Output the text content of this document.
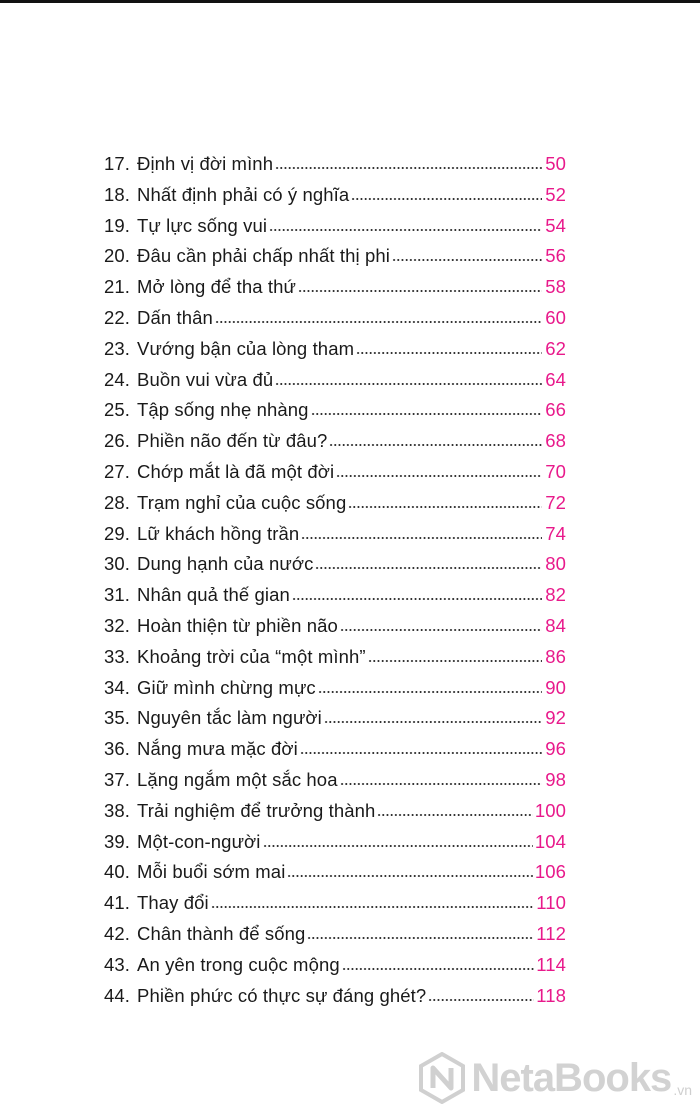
17. Định vị đời mình	50
18. Nhất định phải có ý nghĩa	52
19. Tự lực sống vui	54
20. Đâu cần phải chấp nhất thị phi	56
21. Mở lòng để tha thứ	58
22. Dấn thân	60
23. Vướng bận của lòng tham	62
24. Buồn vui vừa đủ	64
25. Tập sống nhẹ nhàng	66
26. Phiền não đến từ đâu?	68
27. Chớp mắt là đã một đời	70
28. Trạm nghỉ của cuộc sống	72
29. Lữ khách hồng trần	74
30. Dung hạnh của nước	80
31. Nhân quả thế gian	82
32. Hoàn thiện từ phiền não	84
33. Khoảng trời của “một mình”	86
34. Giữ mình chừng mực	90
35. Nguyên tắc làm người	92
36. Nắng mưa mặc đời	96
37. Lặng ngắm một sắc hoa	98
38. Trải nghiệm để trưởng thành	100
39. Một-con-người	104
40. Mỗi buổi sớm mai	106
41. Thay đổi	110
42. Chân thành để sống	112
43. An yên trong cuộc mộng	114
44. Phiền phức có thực sự đáng ghét?	118
NetaBooks .vn
